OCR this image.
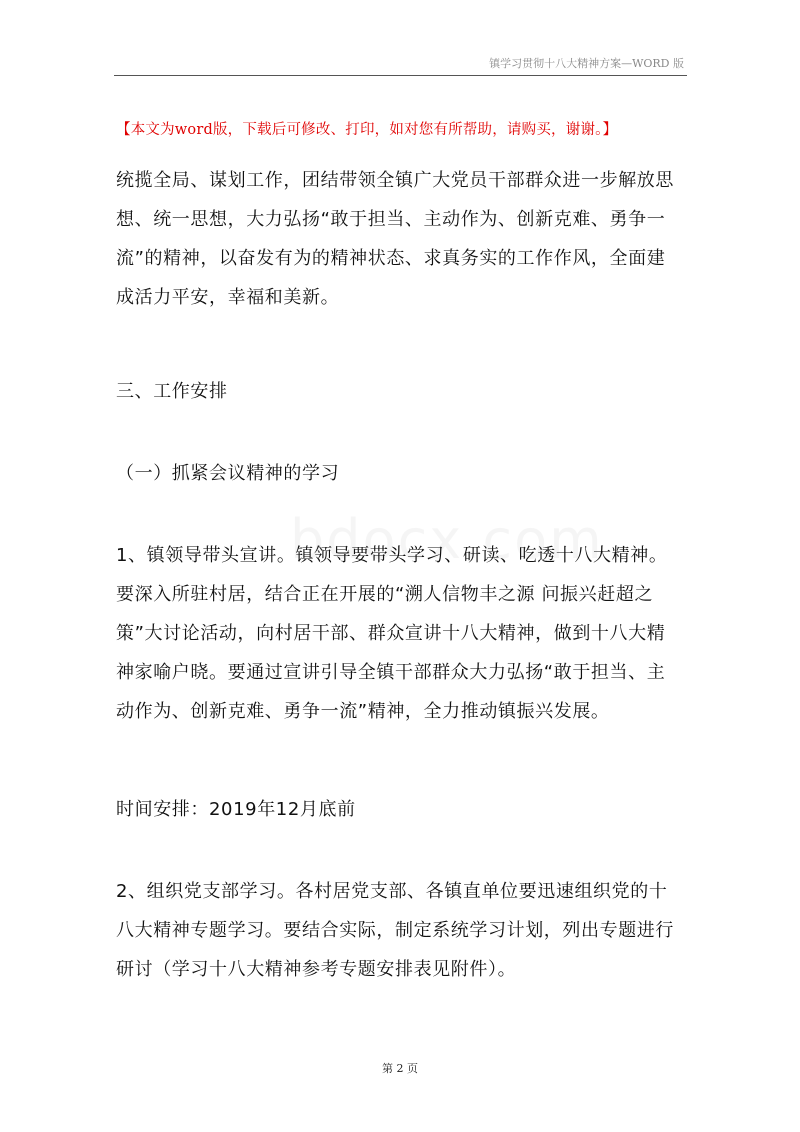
镇学习贯彻十八大精神方案—WORD 版
【本文为word版，下载后可修改、打印，如对您有所帮助，请购买，谢谢。】
统揽全局、谋划工作，团结带领全镇广大党员干部群众进一步解放思
想、统一思想，大力弘扬“敢于担当、主动作为、创新克难、勇争一
流”的精神，以奋发有为的精神状态、求真务实的工作作风，全面建
成活力平安，幸福和美新。
三、工作安排
（一）抓紧会议精神的学习
1、镇领导带头宣讲。镇领导要带头学习、研读、吃透十八大精神。
要深入所驻村居，结合正在开展的“溯人信物丰之源 问振兴赶超之
策”大讨论活动，向村居干部、群众宣讲十八大精神，做到十八大精
神家喻户晓。要通过宣讲引导全镇干部群众大力弘扬“敢于担当、主
动作为、创新克难、勇争一流”精神，全力推动镇振兴发展。
时间安排：2019年12月底前
2、组织党支部学习。各村居党支部、各镇直单位要迅速组织党的十
八大精神专题学习。要结合实际，制定系统学习计划，列出专题进行
研讨（学习十八大精神参考专题安排表见附件）。
第 2 页
